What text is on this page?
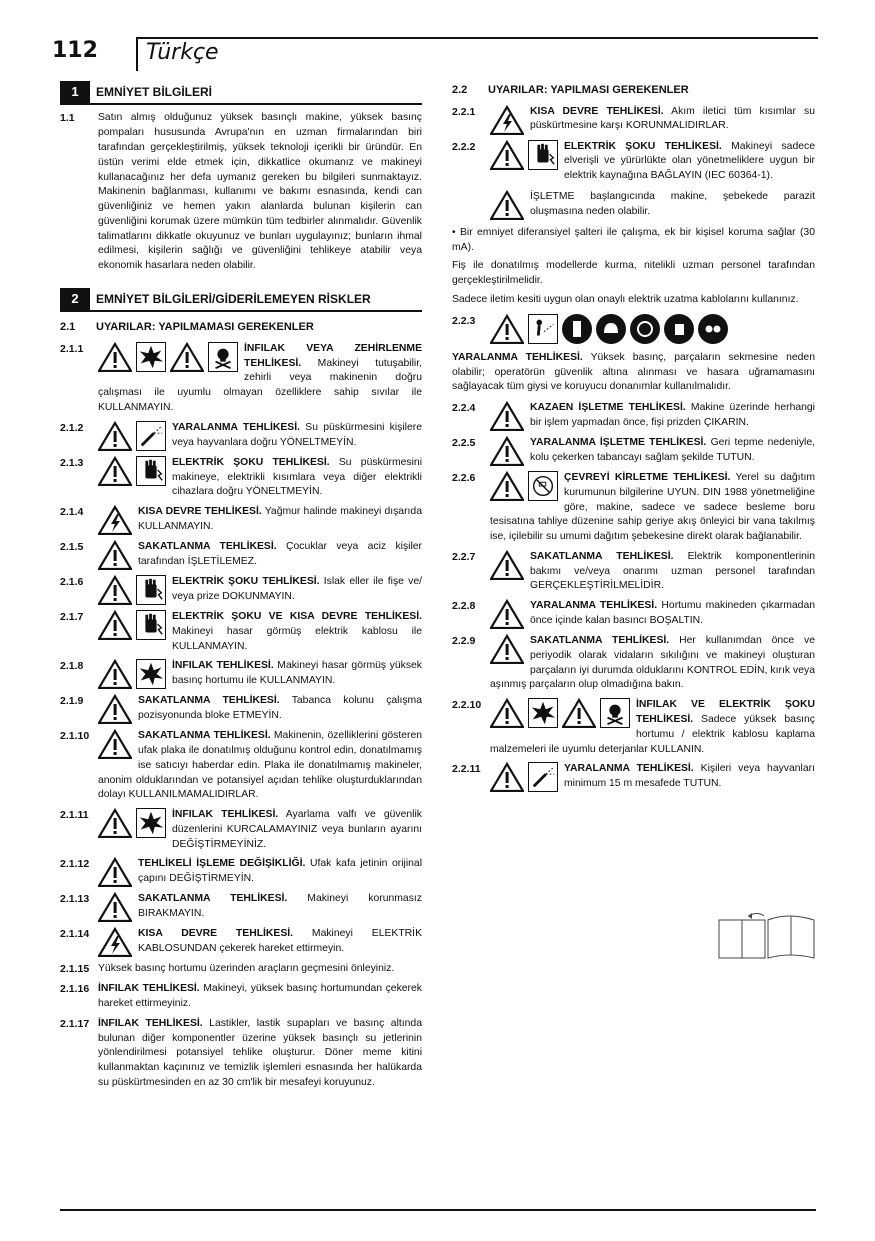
112 Türkçe
1	EMNİYET BİLGİLERİ
1.1	Satın almış olduğunuz yüksek basınçlı makine, yüksek basınç pompaları hususunda Avrupa'nın en uzman firmalarından biri tarafından gerçekleştirilmiş, yüksek teknoloji içerikli bir üründür. En üstün verimi elde etmek için, dikkatlice okumanız ve makineyi kullanacağınız her defa uymanız gereken bu bilgileri sunmaktayız. Makinenin bağlanması, kullanımı ve bakımı esnasında, kendi can güvenliğiniz ve hemen yakın alanlarda bulunan kişilerin can güvenliğini korumak üzere mümkün tüm tedbirler alınmalıdır. Güvenlik talimatlarını dikkatle okuyunuz ve bunları uygulayınız; bunların ihmal edilmesi, kişilerin sağlığı ve güvenliğini tehlikeye atabilir veya ekonomik hasarlara neden olabilir.
2	EMNİYET BİLGİLERİ/GİDERİLEMEYEN RİSKLER
2.1	UYARILAR: YAPILMAMASI GEREKENLER
2.1.1	İNFILAK VEYA ZEHİRLENME TEHLİKESİ. Makineyi tutuşabilir, zehirli veya makinenin doğru çalışması ile uyumlu olmayan özelliklere sahip sıvılar ile KULLANMAYIN.
2.1.2	YARALANMA TEHLİKESİ. Su püskürmesini kişilere veya hayvanlara doğru YÖNELTMEYİN.
2.1.3	ELEKTRİK ŞOKU TEHLİKESİ. Su püskürmesini makineye, elektrikli kısımlara veya diğer elektrikli cihazlara doğru YÖNELTMEYİN.
2.1.4	KISA DEVRE TEHLİKESİ. Yağmur halinde makineyi dışarıda KULLANMAYIN.
2.1.5	SAKATLANMA TEHLİKESİ. Çocuklar veya aciz kişiler tarafından İŞLETİLEMEZ.
2.1.6	ELEKTRİK ŞOKU TEHLİKESİ. Islak eller ile fişe ve/ veya prize DOKUNMAYIN.
2.1.7	ELEKTRİK ŞOKU VE KISA DEVRE TEHLİKESİ. Makineyi hasar görmüş elektrik kablosu ile KULLANMAYIN.
2.1.8	İNFILAK TEHLİKESİ. Makineyi hasar görmüş yüksek basınç hortumu ile KULLANMAYIN.
2.1.9	SAKATLANMA TEHLİKESİ. Tabanca kolunu çalışma pozisyonunda bloke ETMEYİN.
2.1.10	SAKATLANMA TEHLİKESİ. Makinenin, özelliklerini gösteren ufak plaka ile donatılmış olduğunu kontrol edin, donatılmamış ise satıcıyı haberdar edin. Plaka ile donatılmamış makineler, anonim olduklarından ve potansiyel açıdan tehlike oluşturduklarından dolayı KULLANILMAMALIDIRLAR.
2.1.11	İNFILAK TEHLİKESİ. Ayarlama valfı ve güvenlik düzenlerini KURCALAMAYINIZ veya bunların ayarını DEĞİŞTİRMEYİNİZ.
2.1.12	TEHLİKELİ İŞLEME DEĞİŞİKLİĞİ. Ufak kafa jetinin orijinal çapını DEĞİŞTİRMEYİN.
2.1.13	SAKATLANMA TEHLİKESİ. Makineyi korunmasız BIRAKMAYIN.
2.1.14	KISA DEVRE TEHLİKESİ. Makineyi ELEKTRİK KABLOSUNDAN çekerek hareket ettirmeyin.
2.1.15 Yüksek basınç hortumu üzerinden araçların geçmesini önleyiniz.
2.1.16 İNFILAK TEHLİKESİ. Makineyi, yüksek basınç hortumundan çekerek hareket ettirmeyiniz.
2.1.17 İNFILAK TEHLİKESİ. Lastikler, lastik supapları ve basınç altında bulunan diğer komponentler üzerine yüksek basınçlı su jetlerinin yönlendirilmesi potansiyel tehlike oluşturur. Döner meme kitini kullanmaktan kaçınınız ve temizlik işlemleri esnasında her halükarda su püskürtmesinden en az 30 cm'lik bir mesafeyi koruyunuz.
2.2	UYARILAR: YAPILMASI GEREKENLER
2.2.1	KISA DEVRE TEHLİKESİ. Akım iletici tüm kısımlar su püskürtmesine karşı KORUNMALIDIRLAR.
2.2.2	ELEKTRİK ŞOKU TEHLİKESİ. Makineyi sadece elverişli ve yürürlükte olan yönetmeliklere uygun bir elektrik kaynağına BAĞLAYIN (IEC 60364-1).
İŞLETME başlangıcında makine, şebekede parazit oluşmasına neden olabilir.
• Bir emniyet diferansiyel şalteri ile çalışma, ek bir kişisel koruma sağlar (30 mA).
Fiş ile donatılmış modellerde kurma, nitelikli uzman personel tarafından gerçekleştirilmelidir.
Sadece iletim kesiti uygun olan onaylı elektrik uzatma kablolarını kullanınız.
2.2.3
YARALANMA TEHLİKESİ. Yüksek basınç, parçaların sekmesine neden olabilir; operatörün güvenlik altına alınması ve hasara uğramamasını sağlayacak tüm giysi ve koruyucu donanımlar kullanılmalıdır.
2.2.4	KAZAEN İŞLETME TEHLİKESİ. Makine üzerinde herhangi bir işlem yapmadan önce, fişi prizden ÇIKARIN.
2.2.5	YARALANMA İŞLETME TEHLİKESİ. Geri tepme nedeniyle, kolu çekerken tabancayı sağlam şekilde TUTUN.
2.2.6	ÇEVREYİ KİRLETME TEHLİKESİ. Yerel su dağıtım kurumunun bilgilerine UYUN. DIN 1988 yönetmeliğine göre, makine, sadece ve sadece besleme boru tesisatına tahliye düzenine sahip geriye akış önleyici bir vana takılmış ise, içilebilir su umumi dağıtım şebekesine direkt olarak bağlanabilir.
2.2.7	SAKATLANMA TEHLİKESİ. Elektrik komponentlerinin bakımı ve/veya onarımı uzman personel tarafından GERÇEKLEŞTİRİLMELİDİR.
2.2.8	YARALANMA TEHLİKESİ. Hortumu makineden çıkarmadan önce içinde kalan basıncı BOŞALTIN.
2.2.9	SAKATLANMA TEHLİKESİ. Her kullanımdan önce ve periyodik olarak vidaların sıkılığını ve makineyi oluşturan parçaların iyi durumda olduklarını KONTROL EDİN, kırık veya aşınmış parçaların olup olmadığına bakın.
2.2.10	İNFILAK VE ELEKTRİK ŞOKU TEHLİKESİ. Sadece yüksek basınç hortumu / elektrik kablosu kaplama malzemeleri ile uyumlu deterjanlar KULLANIN.
2.2.11	YARALANMA TEHLİKESİ. Kişileri veya hayvanları minimum 15 m mesafede TUTUN.
